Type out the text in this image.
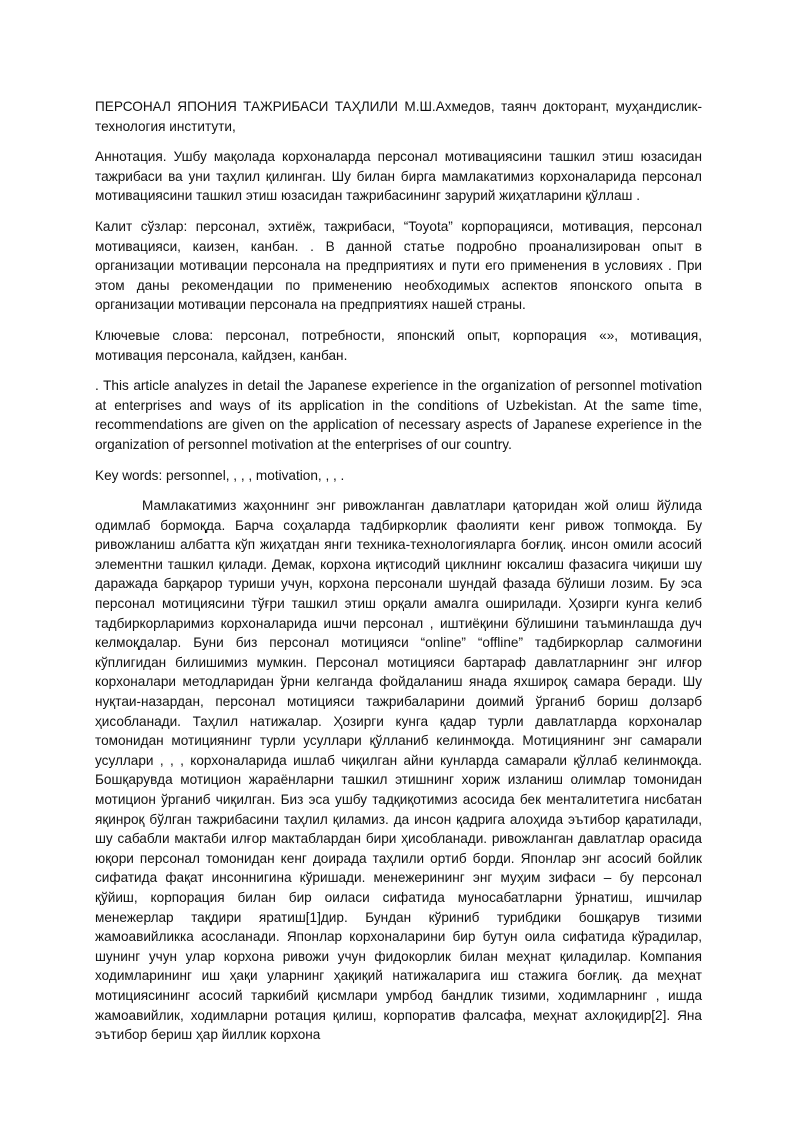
ПЕРСОНАЛ ЯПОНИЯ ТАЖРИБАСИ ТАҲЛИЛИ М.Ш.Ахмедов, таянч докторант, муҳандислик-технология институти,

Аннотация. Ушбу мақолада корхоналарда персонал мотивациясини ташкил этиш юзасидан тажрибаси ва уни таҳлил қилинган. Шу билан бирга мамлакатимиз корхоналарида персонал мотивациясини ташкил этиш юзасидан тажрибасининг зарурий жиҳатларини қўллаш .

Калит сўзлар: персонал, эхтиёж, тажрибаси, “Toyota” корпорацияси, мотивация, персонал мотивацияси, каизен, канбан. . В данной статье подробно проанализирован опыт в организации мотивации персонала на предприятиях и пути его применения в условиях . При этом даны рекомендации по применению необходимых аспектов японского опыта в организации мотивации персонала на предприятиях нашей страны.

Ключевые слова: персонал, потребности, японский опыт, корпорация «», мотивация, мотивация персонала, кайдзен, канбан.

. This article analyzes in detail the Japanese experience in the organization of personnel motivation at enterprises and ways of its application in the conditions of Uzbekistan. At the same time, recommendations are given on the application of necessary aspects of Japanese experience in the organization of personnel motivation at the enterprises of our country.

Key words: personnel, , , , motivation, , , .

Мамлакатимиз жаҳоннинг энг ривожланган давлатлари қаторидан жой олиш йўлида одимлаб бормоқда. Барча соҳаларда тадбиркорлик фаолияти кенг ривож топмоқда. Бу ривожланиш албатта кўп жиҳатдан янги техника-технологияларга боғлиқ. инсон омили асосий элементни ташкил қилади. Демак, корхона иқтисодий циклнинг юксалиш фазасига чиқиши шу даражада барқарор туриши учун, корхона персонали шундай фазада бўлиши лозим. Бу эса персонал мотициясини тўғри ташкил этиш орқали амалга оширилади. Ҳозирги кунга келиб тадбиркорларимиз корхоналарида ишчи персонал , иштиёқини бўлишини таъминлашда дуч келмоқдалар. Буни биз персонал мотицияси “online” “offline” тадбиркорлар салмоғини кўплигидан билишимиз мумкин. Персонал мотицияси бартараф давлатларнинг энг илғор корхоналари методларидан ўрни келганда фойдаланиш янада яхшироқ самара беради. Шу нуқтаи-назардан, персонал мотицияси тажрибаларини доимий ўрганиб бориш долзарб ҳисобланади. Таҳлил натижалар. Ҳозирги кунга қадар турли давлатларда корхоналар томонидан мотициянинг турли усуллари қўлланиб келинмоқда. Мотициянинг энг самарали усуллари , , , корхоналарида ишлаб чиқилган айни кунларда самарали қўллаб келинмоқда. Бошқарувда мотицион жараёнларни ташкил этишнинг хориж изланиш олимлар томонидан мотицион ўрганиб чиқилган. Биз эса ушбу тадқиқотимиз асосида бек менталитетига нисбатан яқинроқ бўлган тажрибасини таҳлил қиламиз. да инсон қадрига алоҳида эътибор қаратилади, шу сабабли мактаби илғор мактаблардан бири ҳисобланади. ривожланган давлатлар орасида юқори персонал томонидан кенг доирада таҳлили ортиб борди. Японлар энг асосий бойлик сифатида фақат инсоннигина кўришади. менежерининг энг муҳим зифаси – бу персонал қўйиш, корпорация билан бир оиласи сифатида муносабатларни ўрнатиш, ишчилар менежерлар тақдири яратиш[1]дир. Бундан кўриниб турибдики бошқарув тизими жамоавийликка асосланади. Японлар корхоналарини бир бутун оила сифатида кўрадилар, шунинг учун улар корхона ривожи учун фидокорлик билан меҳнат қиладилар. Компания ходимларининг иш ҳақи уларнинг ҳақиқий натижаларига иш стажига боғлиқ. да меҳнат мотициясининг асосий таркибий қисмлари умрбод бандлик тизими, ходимларнинг , ишда жамоавийлик, ходимларни ротация қилиш, корпоратив фалсафа, меҳнат ахлоқидир[2]. Яна эътибор бериш ҳар йиллик корхона
